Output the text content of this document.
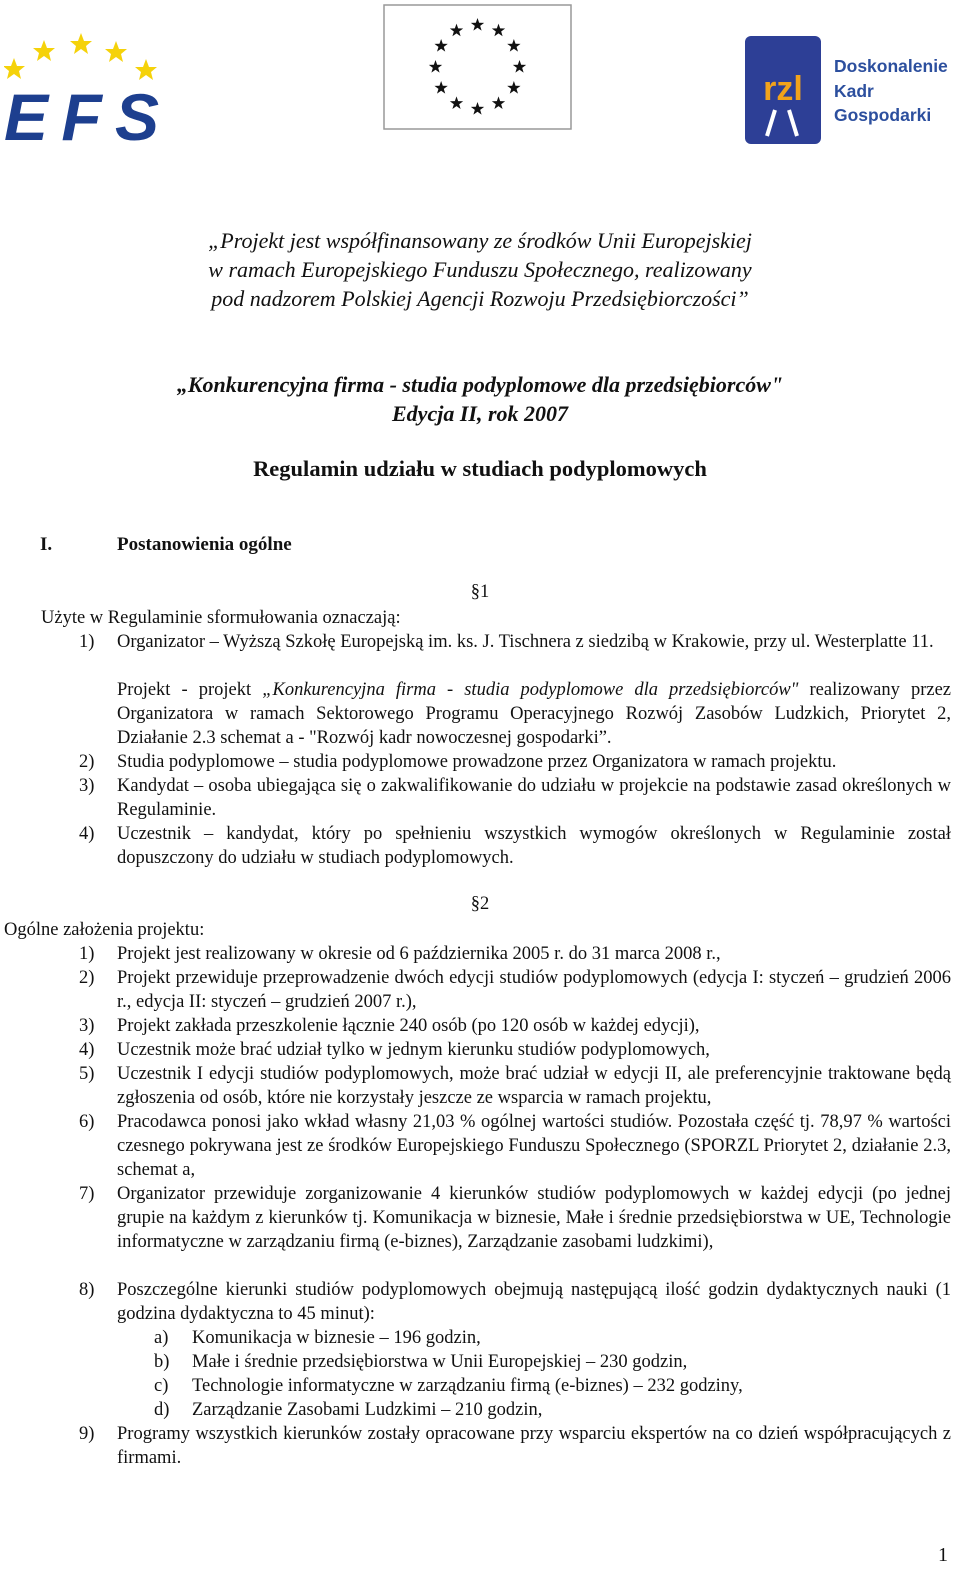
EFS	rzl
Doskonalenie
Kadr
Gospodarki
„Projekt jest współfinansowany ze środków Unii Europejskiej
w ramach Europejskiego Funduszu Społecznego, realizowany
pod nadzorem Polskiej Agencji Rozwoju Przedsiębiorczości”
„Konkurencyjna firma - studia podyplomowe dla przedsiębiorców"
Edycja II, rok 2007
Regulamin udziału w studiach podyplomowych
I.	Postanowienia ogólne
§1
Użyte w Regulaminie sformułowania oznaczają:
1) Organizator – Wyższą Szkołę Europejską im. ks. J. Tischnera z siedzibą w Krakowie, przy ul. Westerplatte 11.
Projekt - projekt „Konkurencyjna firma - studia podyplomowe dla przedsiębiorców" realizowany przez Organizatora w ramach Sektorowego Programu Operacyjnego Rozwój Zasobów Ludzkich, Priorytet 2, Działanie 2.3 schemat a - "Rozwój kadr nowoczesnej gospodarki”.
2) Studia podyplomowe – studia podyplomowe prowadzone przez Organizatora w ramach projektu.
3) Kandydat – osoba ubiegająca się o zakwalifikowanie do udziału w projekcie na podstawie zasad określonych w Regulaminie.
4) Uczestnik – kandydat, który po spełnieniu wszystkich wymogów określonych w Regulaminie został dopuszczony do udziału w studiach podyplomowych.
§2
Ogólne założenia projektu:
1) Projekt jest realizowany w okresie od 6 października 2005 r. do 31 marca 2008 r.,
2) Projekt przewiduje przeprowadzenie dwóch edycji studiów podyplomowych (edycja I: styczeń – grudzień 2006 r., edycja II: styczeń – grudzień 2007 r.),
3) Projekt zakłada przeszkolenie łącznie 240 osób (po 120 osób w każdej edycji),
4) Uczestnik może brać udział tylko w jednym kierunku studiów podyplomowych,
5) Uczestnik I edycji studiów podyplomowych, może brać udział w edycji II, ale preferencyjnie traktowane będą zgłoszenia od osób, które nie korzystały jeszcze ze wsparcia w ramach projektu,
6) Pracodawca ponosi jako wkład własny 21,03 % ogólnej wartości studiów. Pozostała część tj. 78,97 % wartości czesnego pokrywana jest ze środków Europejskiego Funduszu Społecznego (SPORZL Priorytet 2, działanie 2.3, schemat a,
7) Organizator przewiduje zorganizowanie 4 kierunków studiów podyplomowych w każdej edycji (po jednej grupie na każdym z kierunków tj. Komunikacja w biznesie, Małe i średnie przedsiębiorstwa w UE, Technologie informatyczne w zarządzaniu firmą (e-biznes), Zarządzanie zasobami ludzkimi),
8) Poszczególne kierunki studiów podyplomowych obejmują następującą ilość godzin dydaktycznych nauki (1 godzina dydaktyczna to 45 minut):
a) Komunikacja w biznesie – 196 godzin,
b) Małe i średnie przedsiębiorstwa w Unii Europejskiej – 230 godzin,
c) Technologie informatyczne w zarządzaniu firmą (e-biznes) – 232 godziny,
d) Zarządzanie Zasobami Ludzkimi – 210 godzin,
9) Programy wszystkich kierunków zostały opracowane przy wsparciu ekspertów na co dzień współpracujących z firmami.
1
